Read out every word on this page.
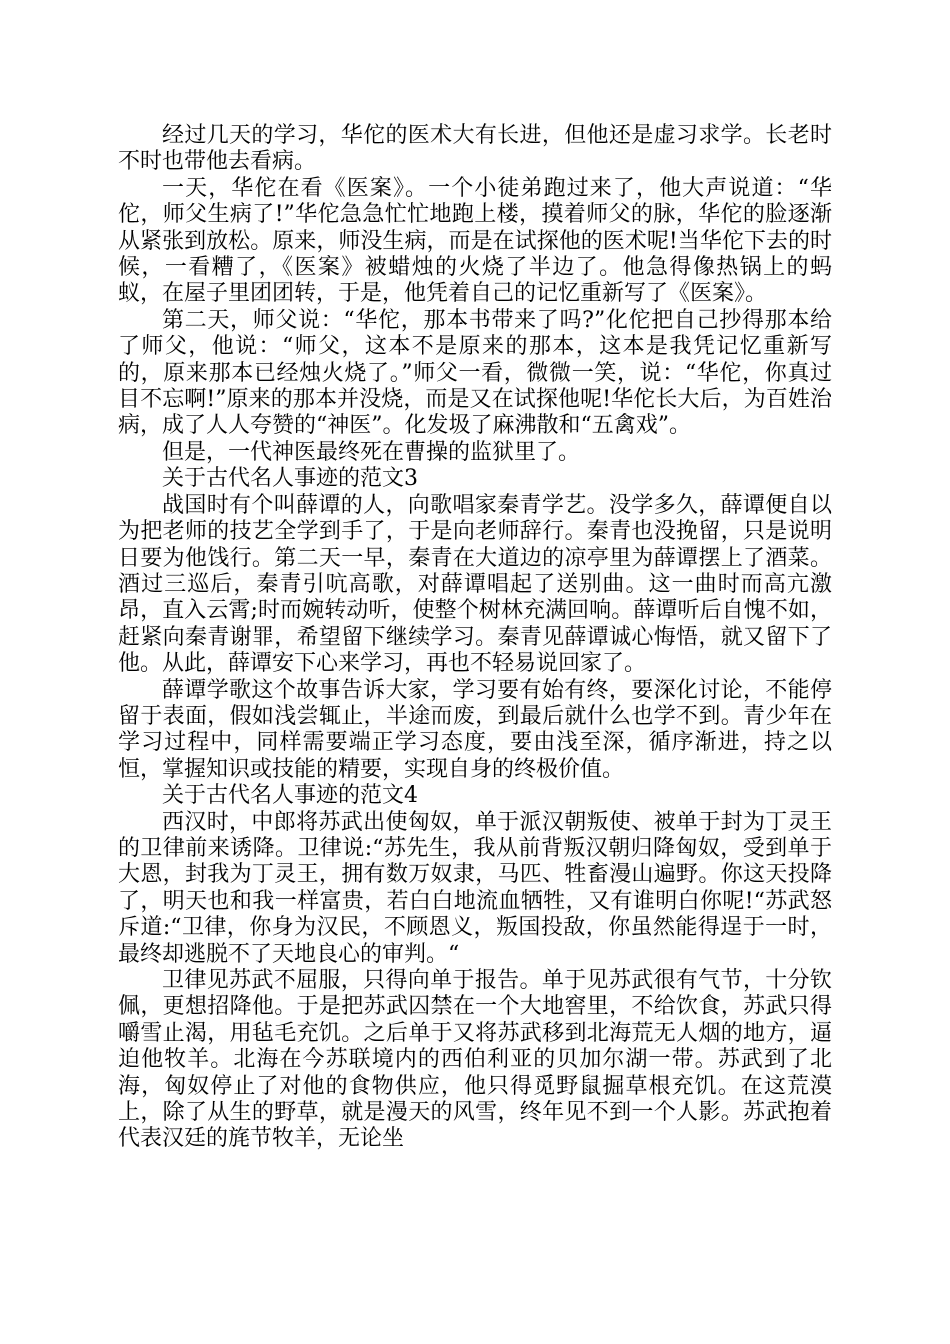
经过几天的学习，华佗的医术大有长进，但他还是虚习求学。长老时不时也带他去看病。

一天，华佗在看《医案》。一个小徒弟跑过来了，他大声说道：“华佗，师父生病了!”华佗急急忙忙地跑上楼，摸着师父的脉，华佗的脸逐渐从紧张到放松。原来，师没生病，而是在试探他的医术呢!当华佗下去的时候，一看糟了，《医案》被蜡烛的火烧了半边了。他急得像热锅上的蚂蚁，在屋子里团团转，于是，他凭着自己的记忆重新写了《医案》。

第二天，师父说：“华佗，那本书带来了吗?”化佗把自己抄得那本给了师父，他说：“师父，这本不是原来的那本，这本是我凭记忆重新写的，原来那本已经烛火烧了。”师父一看，微微一笑，说：“华佗，你真过目不忘啊!”原来的那本并没烧，而是又在试探他呢!华佗长大后，为百姓治病，成了人人夸赞的“神医”。化发圾了麻沸散和“五禽戏”。

但是，一代神医最终死在曹操的监狱里了。

关于古代名人事迹的范文3

战国时有个叫薛谭的人，向歌唱家秦青学艺。没学多久，薛谭便自以为把老师的技艺全学到手了，于是向老师辞行。秦青也没挽留，只是说明日要为他饯行。第二天一早，秦青在大道边的凉亭里为薛谭摆上了酒菜。酒过三巡后，秦青引吭高歌，对薛谭唱起了送别曲。这一曲时而高亢激昂，直入云霄;时而婉转动听，使整个树林充满回响。薛谭听后自愧不如，赶紧向秦青谢罪，希望留下继续学习。秦青见薛谭诚心悔悟，就又留下了他。从此，薛谭安下心来学习，再也不轻易说回家了。

薛谭学歌这个故事告诉大家，学习要有始有终，要深化讨论，不能停留于表面，假如浅尝辄止，半途而废，到最后就什么也学不到。青少年在学习过程中，同样需要端正学习态度，要由浅至深，循序渐进，持之以恒，掌握知识或技能的精要，实现自身的终极价值。

关于古代名人事迹的范文4

西汉时，中郎将苏武出使匈奴，单于派汉朝叛使、被单于封为丁灵王的卫律前来诱降。卫律说:“苏先生，我从前背叛汉朝归降匈奴，受到单于大恩，封我为丁灵王，拥有数万奴隶，马匹、牲畜漫山遍野。你这天投降了，明天也和我一样富贵，若白白地流血牺牲，又有谁明白你呢!“苏武怒斥道:“卫律，你身为汉民，不顾恩义，叛国投敌，你虽然能得逞于一时，最终却逃脱不了天地良心的审判。“

卫律见苏武不屈服，只得向单于报告。单于见苏武很有气节，十分钦佩，更想招降他。于是把苏武囚禁在一个大地窖里，不给饮食，苏武只得嚼雪止渴，用毡毛充饥。之后单于又将苏武移到北海荒无人烟的地方，逼迫他牧羊。北海在今苏联境内的西伯利亚的贝加尔湖一带。苏武到了北海，匈奴停止了对他的食物供应，他只得觅野鼠掘草根充饥。在这荒漠上，除了从生的野草，就是漫天的风雪，终年见不到一个人影。苏武抱着代表汉廷的旄节牧羊，无论坐
